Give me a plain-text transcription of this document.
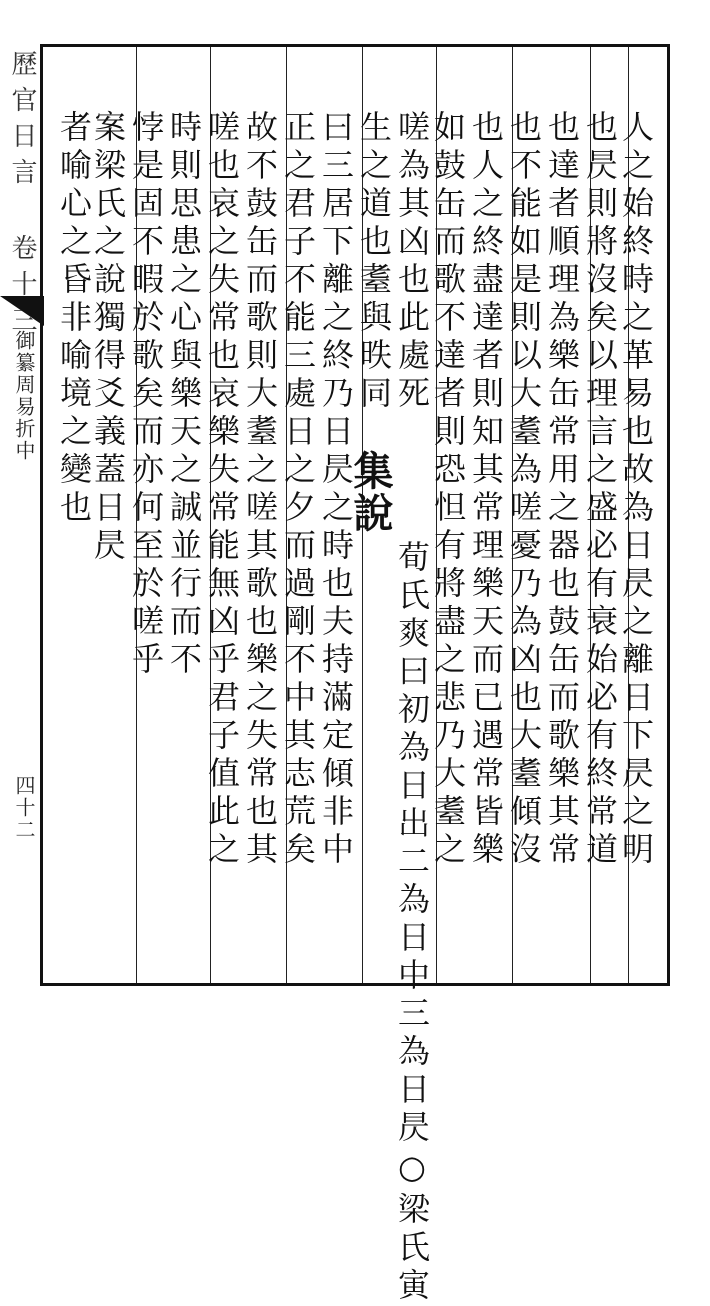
歷官日言 卷十三
御纂周易折中
四十二	人之始終時之革易也故為日昃之離日下昃之明
也昃則將沒矣以理言之盛必有衰始必有終常道
也達者順理為樂缶常用之器也鼓缶而歌樂其常
也不能如是則以大耋為嗟憂乃為凶也大耋傾沒
也人之終盡達者則知其常理樂天而已遇常皆樂
如鼓缶而歌不達者則恐怛有將盡之悲乃大耋之
嗟為其凶也此處死
生之道也耋與昳同
集說
荀氏爽曰初為日出二為日中三為日昃○梁氏寅
曰三居下離之終乃日昃之時也夫持滿定傾非中
正之君子不能三處日之夕而過剛不中其志荒矣
故不鼓缶而歌則大耋之嗟其歌也樂之失常也其
嗟也哀之失常也哀樂失常能無凶乎君子值此之
時則思患之心與樂天之誠並行而不
悖是固不暇於歌矣而亦何至於嗟乎
案梁氏之說獨得爻義蓋日昃
者喻心之昏非喻境之變也
